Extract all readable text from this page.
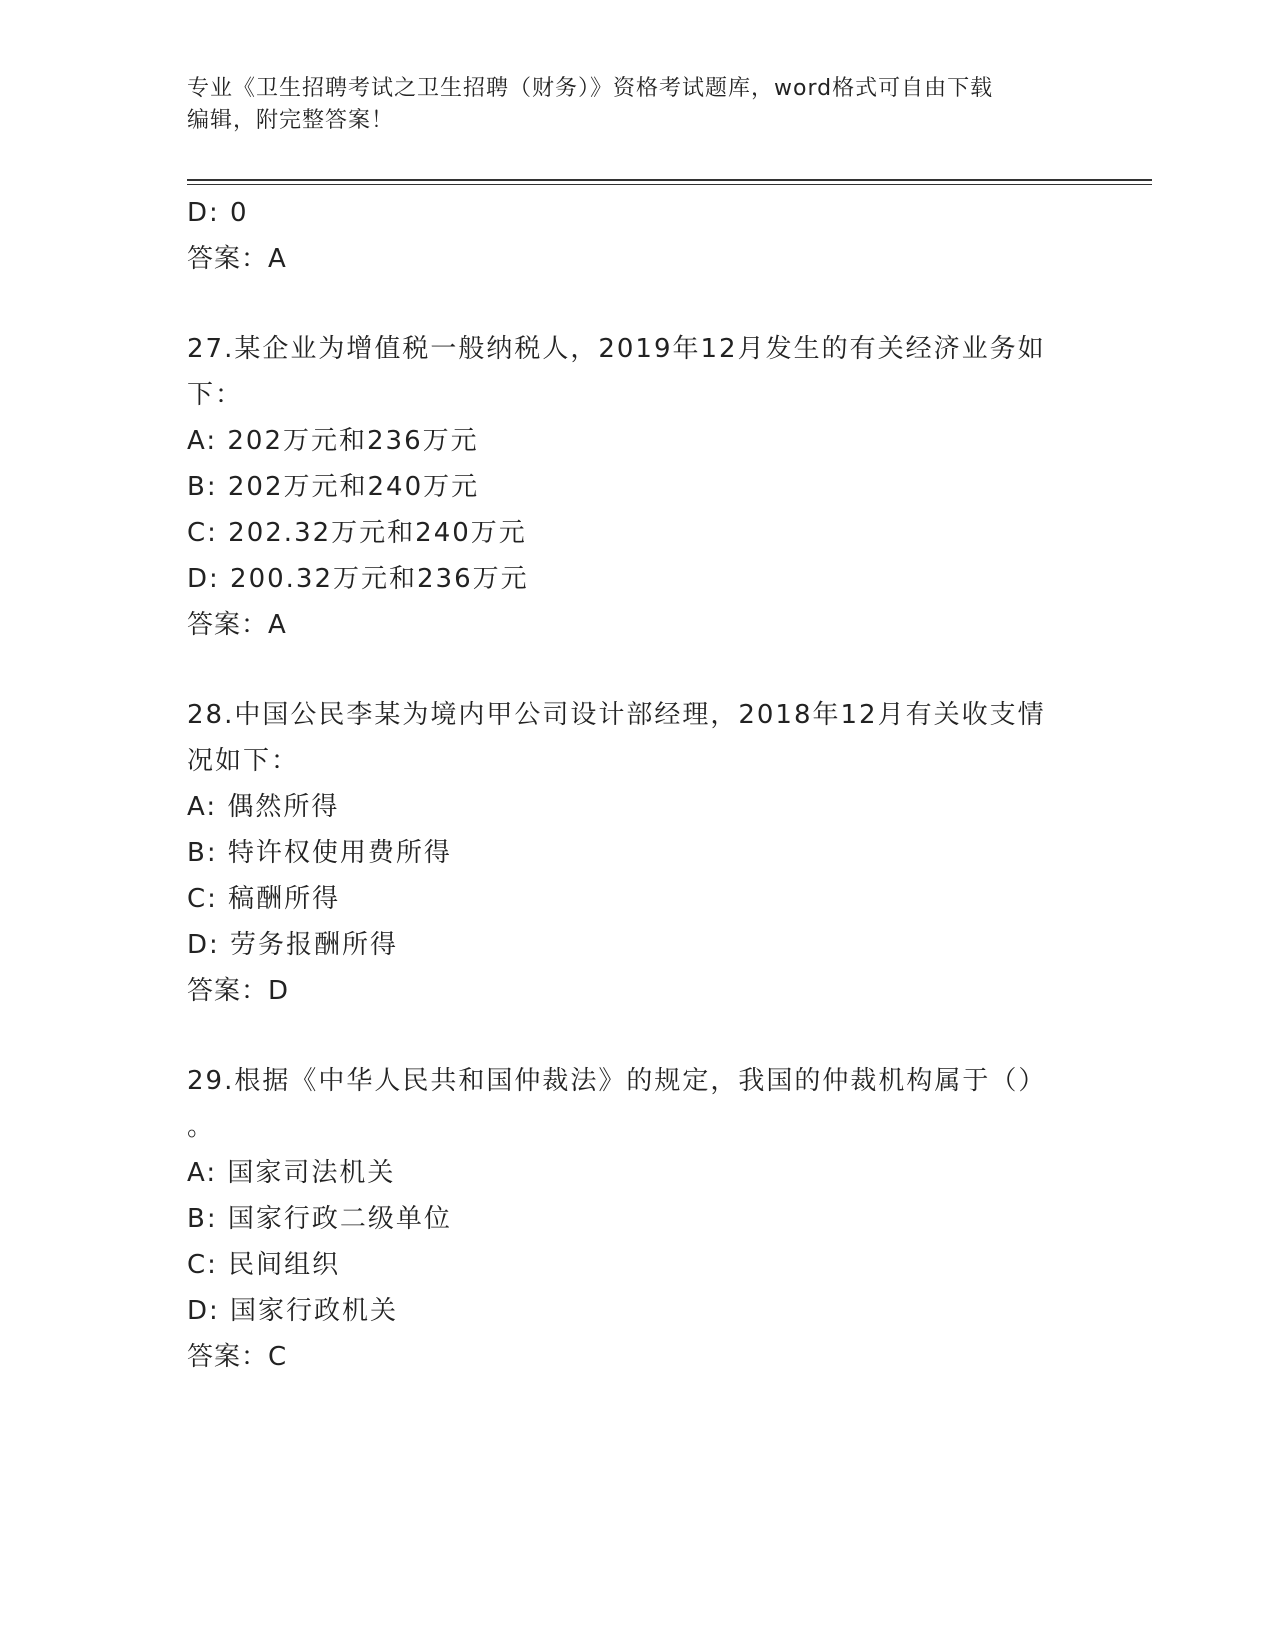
专业《卫生招聘考试之卫生招聘（财务）》资格考试题库，word格式可自由下载
编辑，附完整答案！
D: 0
答案：A
27.某企业为增值税一般纳税人，2019年12月发生的有关经济业务如
下：
A: 202万元和236万元
B: 202万元和240万元
C: 202.32万元和240万元
D: 200.32万元和236万元
答案：A
28.中国公民李某为境内甲公司设计部经理，2018年12月有关收支情
况如下：
A: 偶然所得
B: 特许权使用费所得
C: 稿酬所得
D: 劳务报酬所得
答案：D
29.根据《中华人民共和国仲裁法》的规定，我国的仲裁机构属于（）
。
A: 国家司法机关
B: 国家行政二级单位
C: 民间组织
D: 国家行政机关
答案：C
